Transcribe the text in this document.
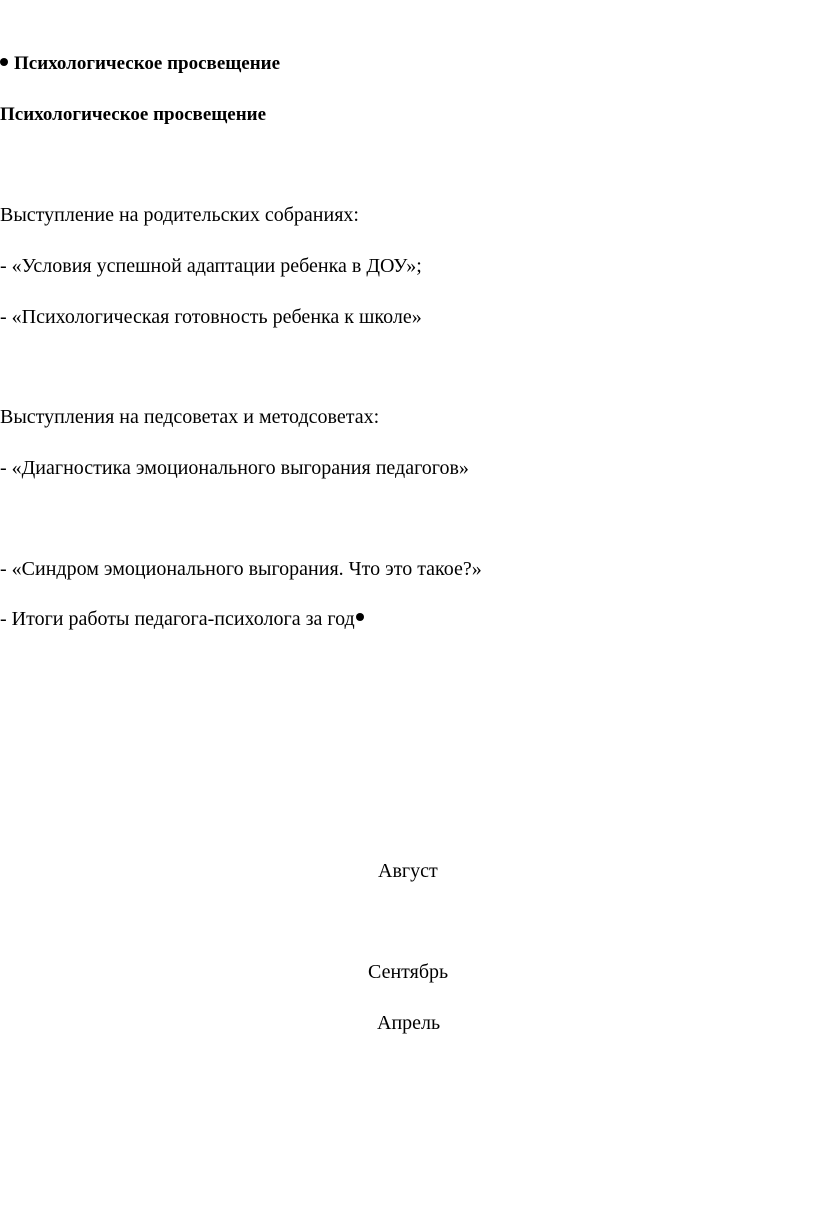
Психологическое просвещение
Психологическое просвещение
Выступление на родительских собраниях:
- «Условия успешной адаптации ребенка в ДОУ»;
- «Психологическая готовность ребенка к школе»
Выступления на педсоветах и методсоветах:
- «Диагностика эмоционального выгорания педагогов»
- «Синдром эмоционального выгорания. Что это такое?»
- Итоги работы педагога-психолога за год
Август
Сентябрь
Апрель
